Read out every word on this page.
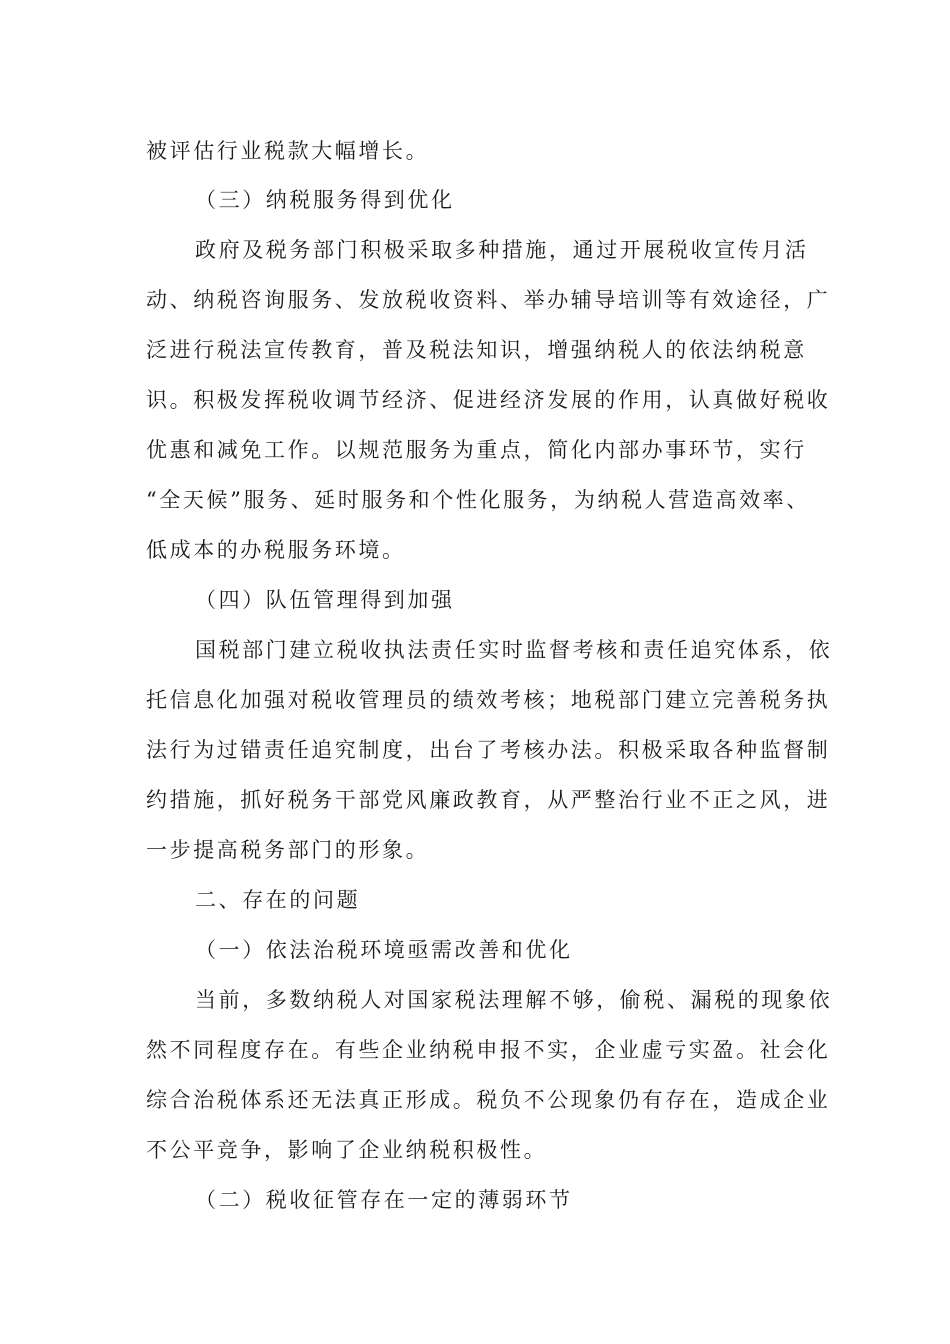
被评估行业税款大幅增长。
（三）纳税服务得到优化
政府及税务部门积极采取多种措施，通过开展税收宣传月活
动、纳税咨询服务、发放税收资料、举办辅导培训等有效途径，广
泛进行税法宣传教育，普及税法知识，增强纳税人的依法纳税意
识。积极发挥税收调节经济、促进经济发展的作用，认真做好税收
优惠和减免工作。以规范服务为重点，简化内部办事环节，实行
“全天候”服务、延时服务和个性化服务，为纳税人营造高效率、
低成本的办税服务环境。
（四）队伍管理得到加强
国税部门建立税收执法责任实时监督考核和责任追究体系，依
托信息化加强对税收管理员的绩效考核；地税部门建立完善税务执
法行为过错责任追究制度，出台了考核办法。积极采取各种监督制
约措施，抓好税务干部党风廉政教育，从严整治行业不正之风，进
一步提高税务部门的形象。
二、存在的问题
（一）依法治税环境亟需改善和优化
当前，多数纳税人对国家税法理解不够，偷税、漏税的现象依
然不同程度存在。有些企业纳税申报不实，企业虚亏实盈。社会化
综合治税体系还无法真正形成。税负不公现象仍有存在，造成企业
不公平竞争，影响了企业纳税积极性。
（二）税收征管存在一定的薄弱环节
